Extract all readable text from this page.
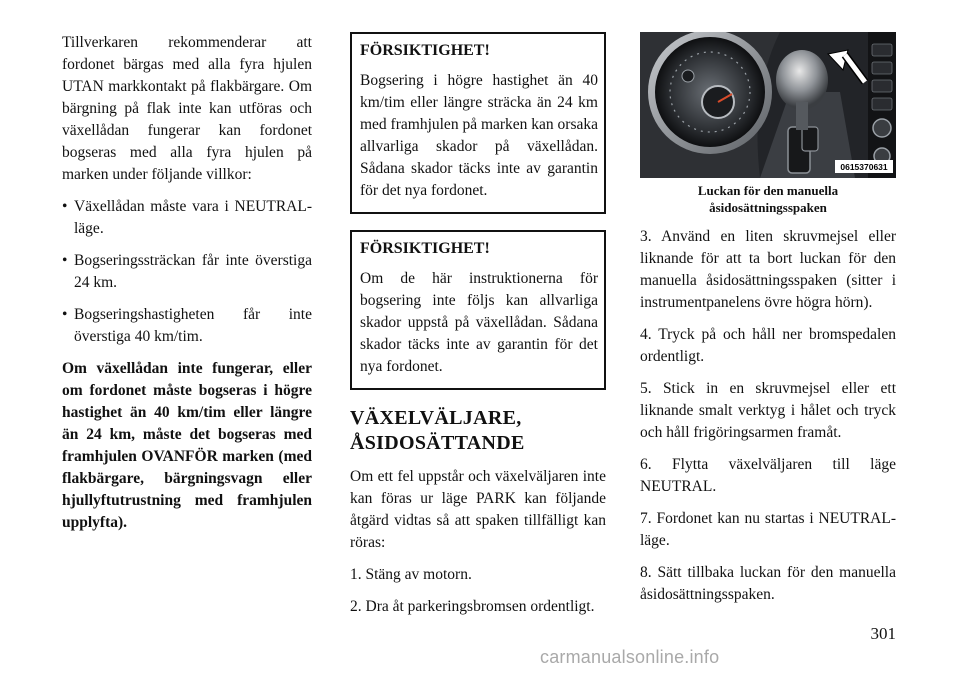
Tillverkaren rekommenderar att fordonet bärgas med alla fyra hjulen UTAN markkontakt på flakbärgare. Om bärgning på flak inte kan utföras och växellådan fungerar kan fordonet bogseras med alla fyra hjulen på marken under följande villkor:

• Växellådan måste vara i NEUTRAL-läge.
• Bogseringssträckan får inte överstiga 24 km.
• Bogseringshastigheten får inte överstiga 40 km/tim.

Om växellådan inte fungerar, eller om fordonet måste bogseras i högre hastighet än 40 km/tim eller längre än 24 km, måste det bogseras med framhjulen OVANFÖR marken (med flakbärgare, bärgningsvagn eller hjullyftutrustning med framhjulen upplyfta).

FÖRSIKTIGHET!

Bogsering i högre hastighet än 40 km/tim eller längre sträcka än 24 km med framhjulen på marken kan orsaka allvarliga skador på växellådan. Sådana skador täcks inte av garantin för det nya fordonet.

FÖRSIKTIGHET!

Om de här instruktionerna för bogsering inte följs kan allvarliga skador uppstå på växellådan. Sådana skador täcks inte av garantin för det nya fordonet.

VÄXELVÄLJARE,
ÅSIDOSÄTTANDE

Om ett fel uppstår och växelväljaren inte kan föras ur läge PARK kan följande åtgärd vidtas så att spaken tillfälligt kan röras:

1. Stäng av motorn.

2. Dra åt parkeringsbromsen ordentligt.

0615370631
Luckan för den manuella
åsidosättningsspaken

3. Använd en liten skruvmejsel eller liknande för att ta bort luckan för den manuella åsidosättningsspaken (sitter i instrumentpanelens övre högra hörn).

4. Tryck på och håll ner bromspedalen ordentligt.

5. Stick in en skruvmejsel eller ett liknande smalt verktyg i hålet och tryck och håll frigöringsarmen framåt.

6. Flytta växelväljaren till läge NEUTRAL.

7. Fordonet kan nu startas i NEUTRAL-läge.

8. Sätt tillbaka luckan för den manuella åsidosättningsspaken.

301
carmanualsonline.info
